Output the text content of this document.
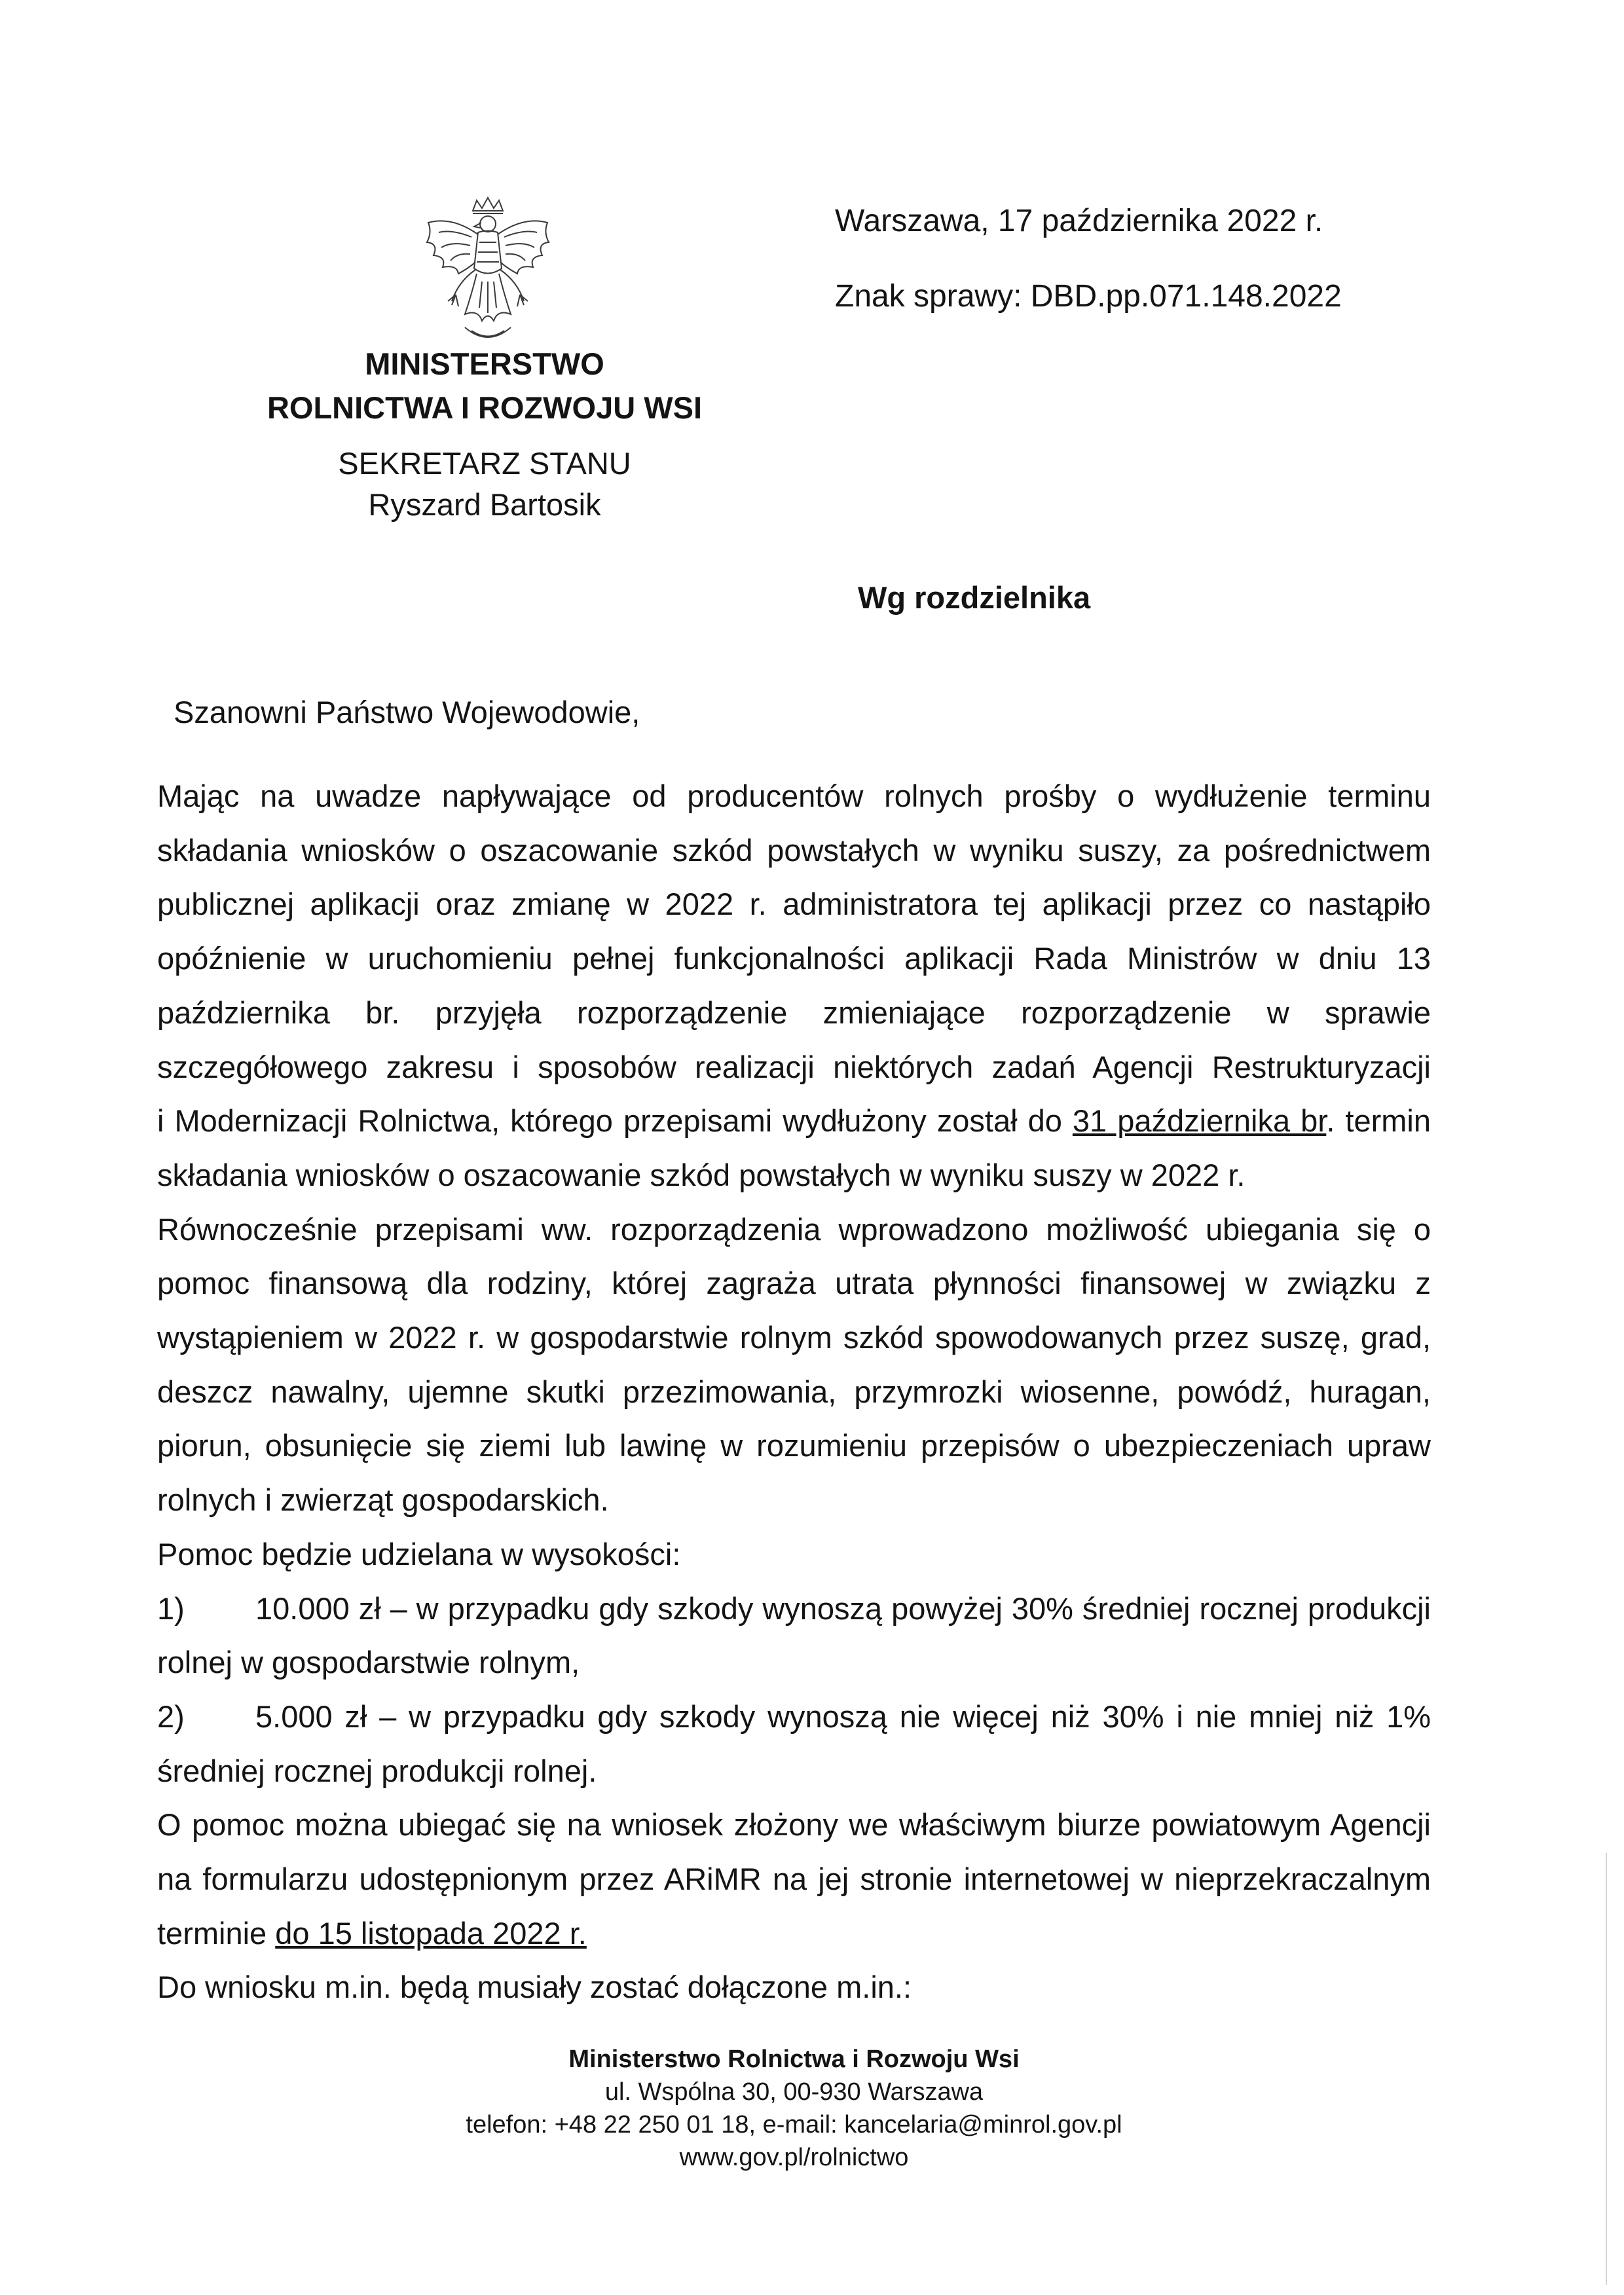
MINISTERSTWO
ROLNICTWA I ROZWOJU WSI
SEKRETARZ STANU
Ryszard Bartosik
Warszawa, 17 października 2022 r.
Znak sprawy: DBD.pp.071.148.2022
Wg rozdzielnika
Szanowni Państwo Wojewodowie,

Mając na uwadze napływające od producentów rolnych prośby o wydłużenie terminu

składania wniosków o oszacowanie szkód powstałych w wyniku suszy, za pośrednictwem

publicznej aplikacji oraz zmianę w 2022 r. administratora tej aplikacji przez co nastąpiło

opóźnienie w uruchomieniu pełnej funkcjonalności aplikacji Rada Ministrów w dniu 13

października br. przyjęła rozporządzenie zmieniające rozporządzenie w sprawie

szczegółowego zakresu i sposobów realizacji niektórych zadań Agencji Restrukturyzacji

i Modernizacji Rolnictwa, którego przepisami wydłużony został do 31 października br. termin

składania wniosków o oszacowanie szkód powstałych w wyniku suszy w 2022 r.

Równocześnie przepisami ww. rozporządzenia wprowadzono możliwość ubiegania się o

pomoc finansową dla rodziny, której zagraża utrata płynności finansowej w związku z

wystąpieniem w 2022 r. w gospodarstwie rolnym szkód spowodowanych przez suszę, grad,

deszcz nawalny, ujemne skutki przezimowania, przymrozki wiosenne, powódź, huragan,

piorun, obsunięcie się ziemi lub lawinę w rozumieniu przepisów o ubezpieczeniach upraw

rolnych i zwierząt gospodarskich.

Pomoc będzie udzielana w wysokości:

1)	10.000 zł – w przypadku gdy szkody wynoszą powyżej 30% średniej rocznej produkcji

rolnej w gospodarstwie rolnym,

2)	5.000 zł – w przypadku gdy szkody wynoszą nie więcej niż 30% i nie mniej niż 1%

średniej rocznej produkcji rolnej.

O pomoc można ubiegać się na wniosek złożony we właściwym biurze powiatowym Agencji

na formularzu udostępnionym przez ARiMR na jej stronie internetowej w nieprzekraczalnym

terminie do 15 listopada 2022 r.

Do wniosku m.in. będą musiały zostać dołączone m.in.:

Ministerstwo Rolnictwa i Rozwoju Wsi
ul. Wspólna 30, 00-930 Warszawa
telefon: +48 22 250 01 18, e-mail: kancelaria@minrol.gov.pl
www.gov.pl/rolnictwo
